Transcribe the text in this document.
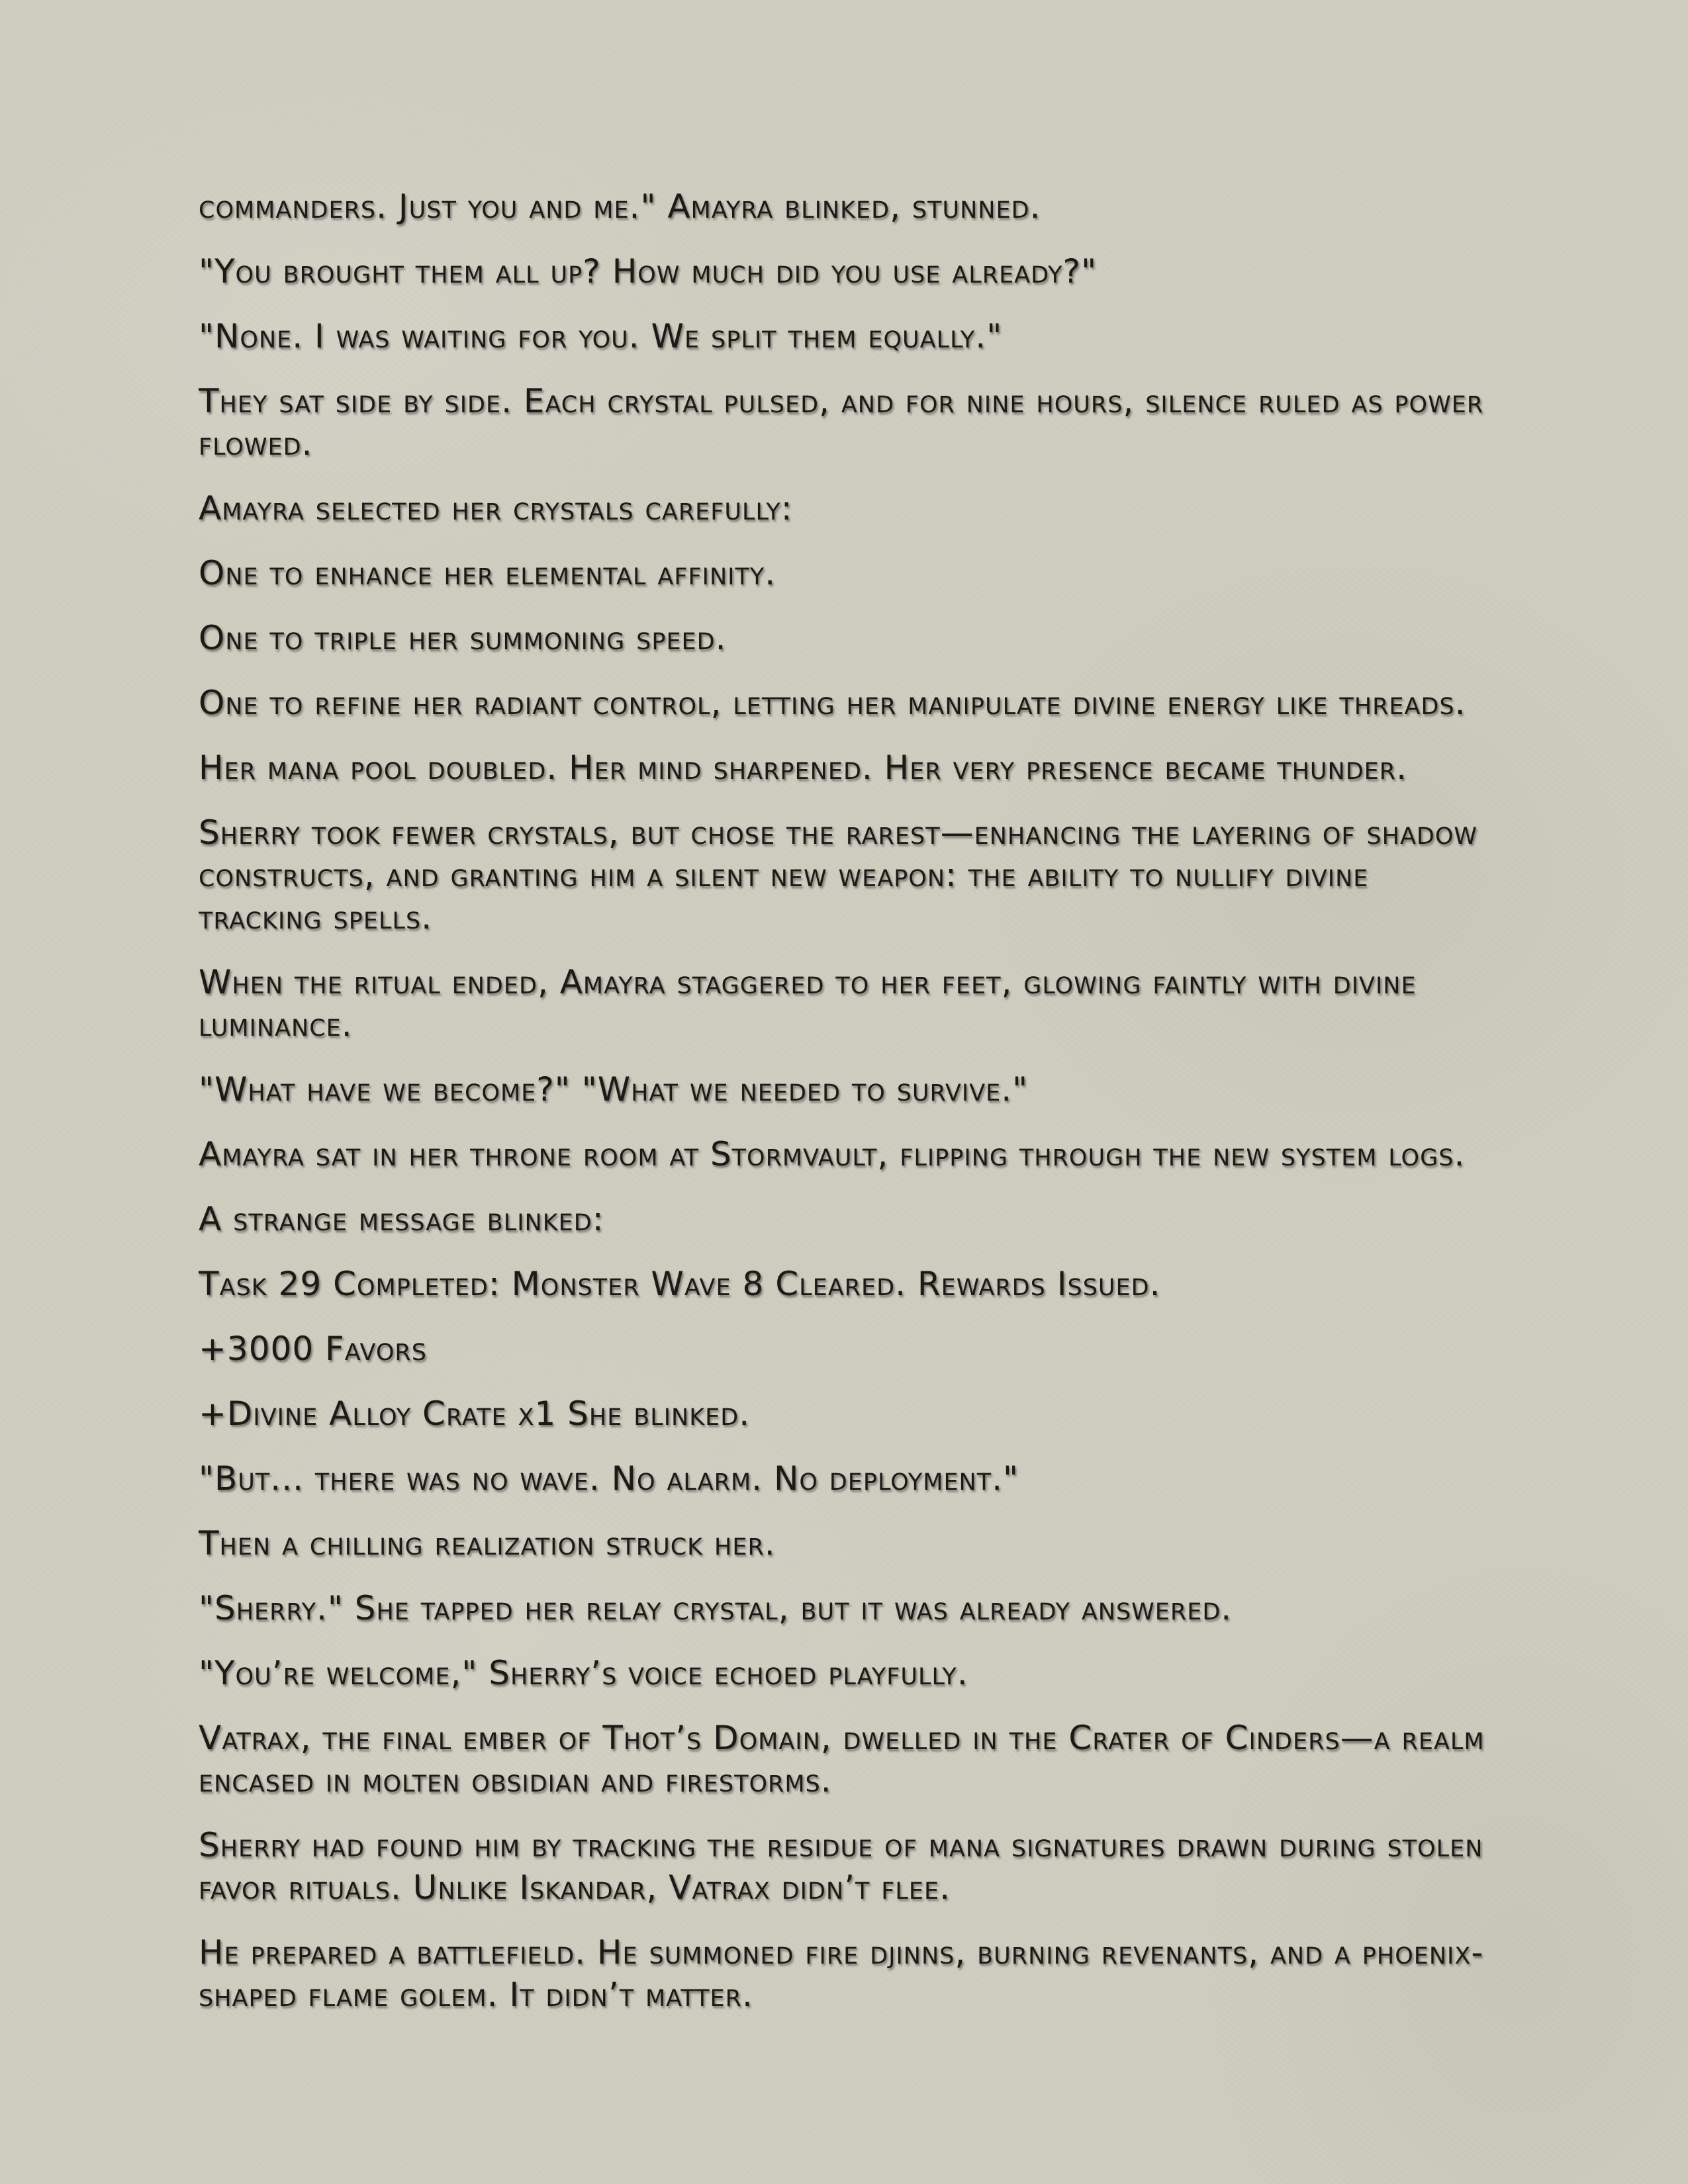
commanders. Just you and me." Amayra blinked, stunned.

"You brought them all up? How much did you use already?"

"None. I was waiting for you. We split them equally."

They sat side by side. Each crystal pulsed, and for nine hours, silence ruled as power flowed.

Amayra selected her crystals carefully:

One to enhance her elemental affinity.

One to triple her summoning speed.

One to refine her radiant control, letting her manipulate divine energy like threads.

Her mana pool doubled. Her mind sharpened. Her very presence became thunder.

Sherry took fewer crystals, but chose the rarest—enhancing the layering of shadow constructs, and granting him a silent new weapon: the ability to nullify divine tracking spells.

When the ritual ended, Amayra staggered to her feet, glowing faintly with divine luminance.

"What have we become?" "What we needed to survive."

Amayra sat in her throne room at Stormvault, flipping through the new system logs.

A strange message blinked:

Task 29 Completed: Monster Wave 8 Cleared. Rewards Issued.

+3000 Favors

+Divine Alloy Crate x1 She blinked.

"But... there was no wave. No alarm. No deployment."

Then a chilling realization struck her.

"Sherry." She tapped her relay crystal, but it was already answered.

"You’re welcome," Sherry’s voice echoed playfully.

Vatrax, the final ember of Thot’s Domain, dwelled in the Crater of Cinders—a realm encased in molten obsidian and firestorms.

Sherry had found him by tracking the residue of mana signatures drawn during stolen favor rituals. Unlike Iskandar, Vatrax didn’t flee.

He prepared a battlefield. He summoned fire djinns, burning revenants, and a phoenix-shaped flame golem. It didn’t matter.
